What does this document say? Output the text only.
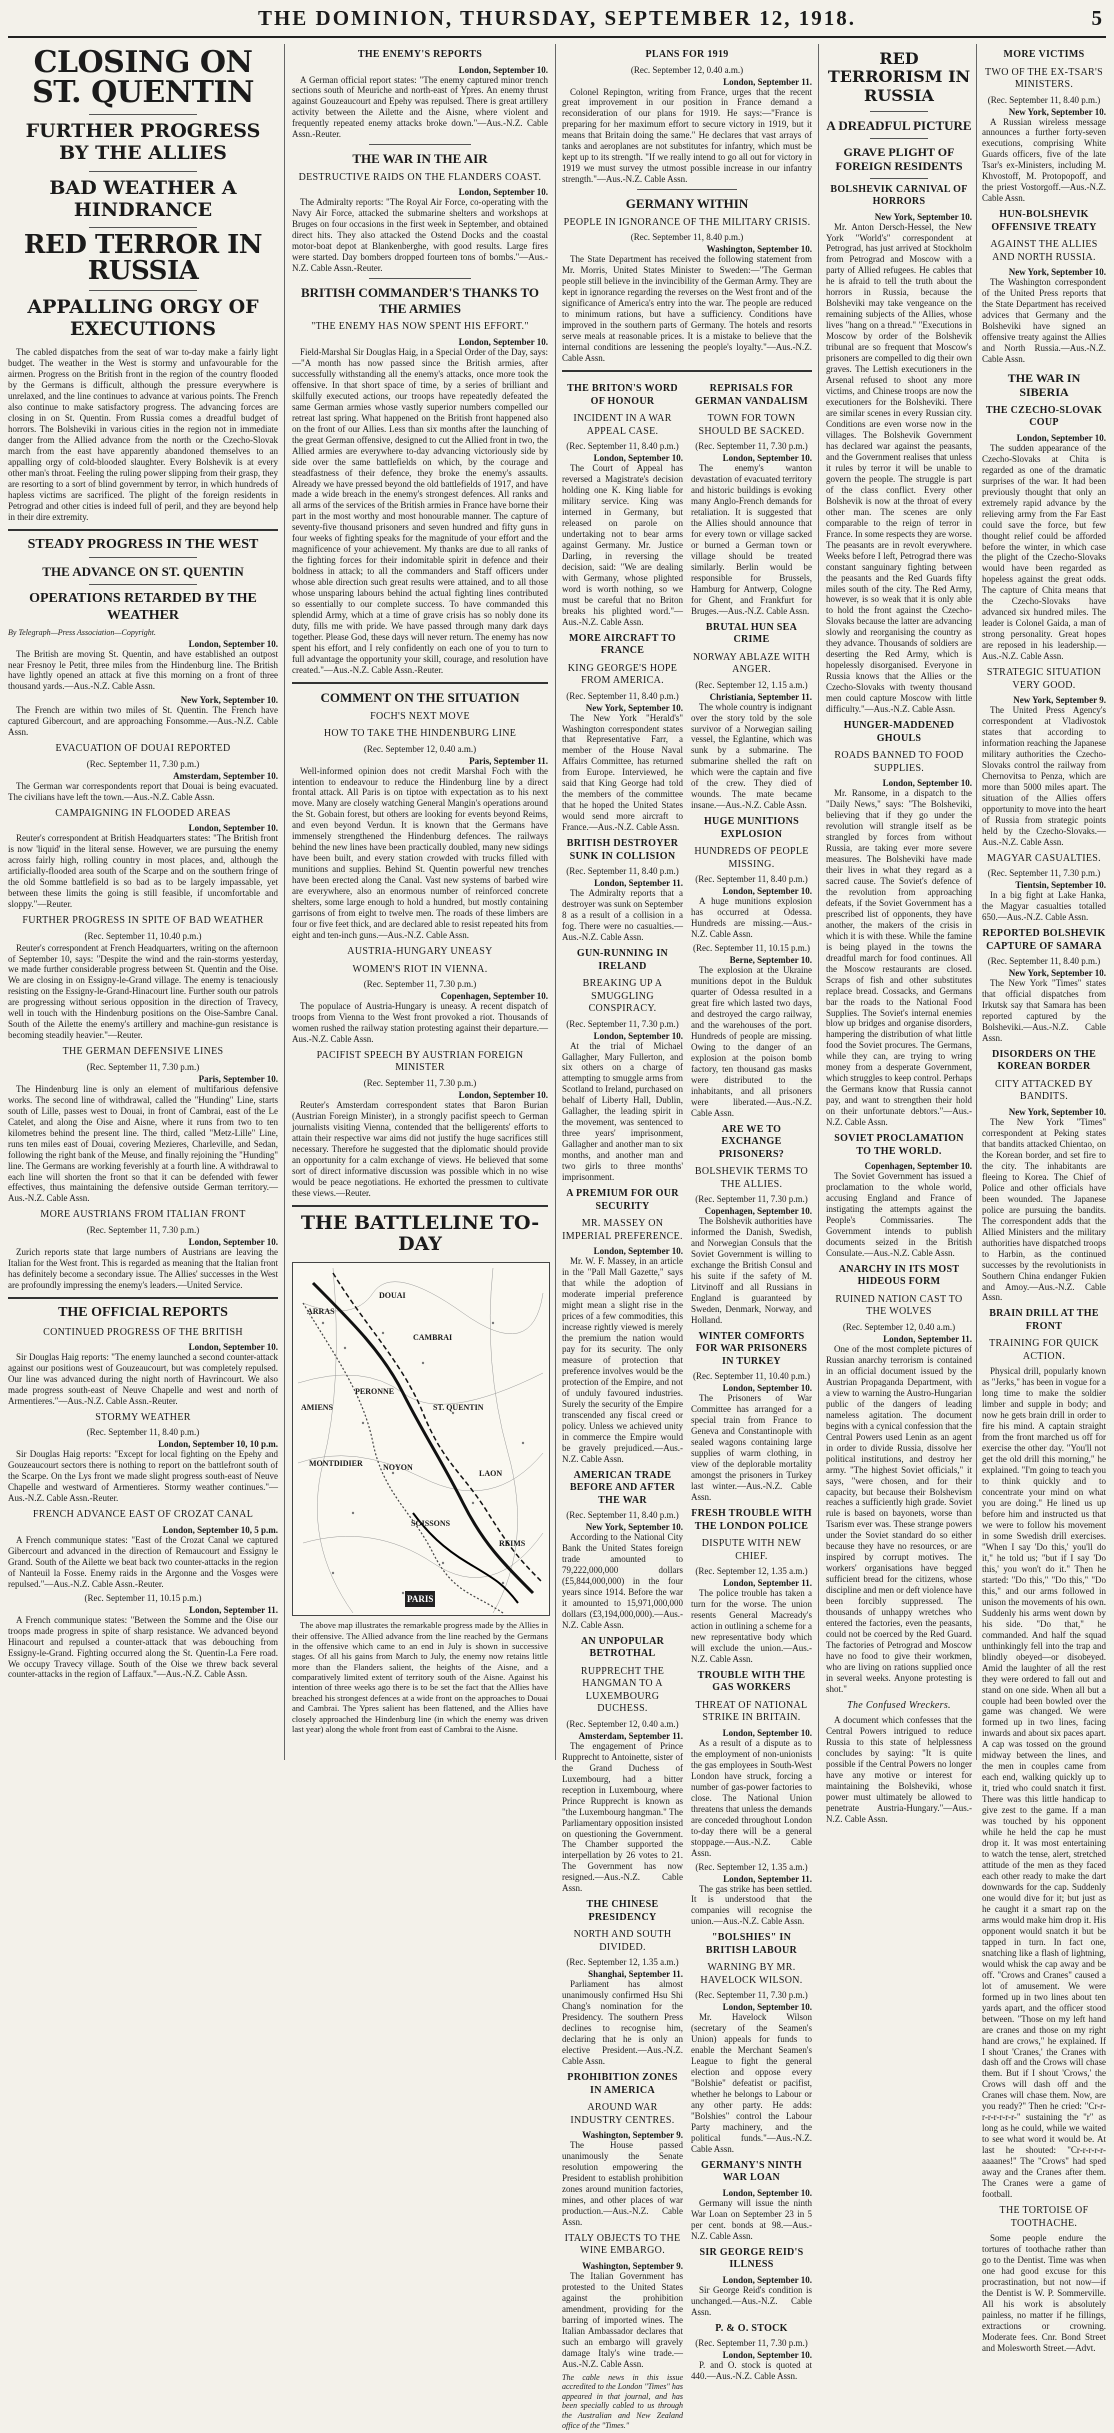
THE DOMINION, THURSDAY, SEPTEMBER 12, 1918.	5
CLOSING ON ST. QUENTIN
FURTHER PROGRESS BY THE ALLIES
BAD WEATHER A HINDRANCE
RED TERROR IN RUSSIA
APPALLING ORGY OF EXECUTIONS

The cabled dispatches from the seat of war to-day make a fairly light budget. The weather in the West is stormy and unfavourable for the airmen. Progress on the British front in the region of the country flooded by the Germans is difficult, although the pressure everywhere is unrelaxed, and the line continues to advance at various points. The French also continue to make satisfactory progress. The advancing forces are closing in on St. Quentin. From Russia comes a dreadful budget of horrors. The Bolsheviki in various cities in the region not in immediate danger from the Allied advance from the north or the Czecho-Slovak march from the east have apparently abandoned themselves to an appalling orgy of cold-blooded slaughter. Every Bolshevik is at every other man's throat. Feeling the ruling power slipping from their grasp, they are resorting to a sort of blind government by terror, in which hundreds of hapless victims are sacrificed. The plight of the foreign residents in Petrograd and other cities is indeed full of peril, and they are beyond help in their dire extremity.

STEADY PROGRESS IN THE WEST
THE ADVANCE ON ST. QUENTIN
OPERATIONS RETARDED BY THE WEATHER
By Telegraph—Press Association—Copyright.
London, September 10.

The British are moving St. Quentin, and have established an outpost near Fresnoy le Petit, three miles from the Hindenburg line. The British have lightly opened an attack at five this morning on a front of three thousand yards.—Aus.-N.Z. Cable Assn.

New York, September 10.

The French are within two miles of St. Quentin. The French have captured Gibercourt, and are approaching Fonsomme.—Aus.-N.Z. Cable Assn.

EVACUATION OF DOUAI REPORTED
(Rec. September 11, 7.30 p.m.)
Amsterdam, September 10.

The German war correspondents report that Douai is being evacuated. The civilians have left the town.—Aus.-N.Z. Cable Assn.

CAMPAIGNING IN FLOODED AREAS
London, September 10.

Reuter's correspondent at British Headquarters states: "The British front is now 'liquid' in the literal sense. However, we are pursuing the enemy across fairly high, rolling country in most places, and, although the artificially-flooded area south of the Scarpe and on the southern fringe of the old Somme battlefield is so bad as to be largely impassable, yet between these limits the going is still feasible, if uncomfortable and sloppy."—Reuter.

FURTHER PROGRESS IN SPITE OF BAD WEATHER
(Rec. September 11, 10.40 p.m.)

Reuter's correspondent at French Headquarters, writing on the afternoon of September 10, says: "Despite the wind and the rain-storms yesterday, we made further considerable progress between St. Quentin and the Oise. We are closing in on Essigny-le-Grand village. The enemy is tenaciously resisting on the Essigny-le-Grand-Hinacourt line. Further south our patrols are progressing without serious opposition in the direction of Travecy, well in touch with the Hindenburg positions on the Oise-Sambre Canal. South of the Ailette the enemy's artillery and machine-gun resistance is becoming steadily heavier."—Reuter.

THE GERMAN DEFENSIVE LINES
(Rec. September 11, 7.30 p.m.)
Paris, September 10.

The Hindenburg line is only an element of multifarious defensive works. The second line of withdrawal, called the "Hunding" Line, starts south of Lille, passes west to Douai, in front of Cambrai, east of the Le Catelet, and along the Oise and Aisne, where it runs from two to ten kilometres behind the present line. The third, called "Metz-Lille" Line, runs ten miles east of Douai, covering Mezieres, Charleville, and Sedan, following the right bank of the Meuse, and finally rejoining the "Hunding" line. The Germans are working feverishly at a fourth line. A withdrawal to each line will shorten the front so that it can be defended with fewer effectives, thus maintaining the defensive outside German territory.—Aus.-N.Z. Cable Assn.

MORE AUSTRIANS FROM ITALIAN FRONT
(Rec. September 11, 7.30 p.m.)
London, September 10.

Zurich reports state that large numbers of Austrians are leaving the Italian for the West front. This is regarded as meaning that the Italian front has definitely become a secondary issue. The Allies' successes in the West are profoundly impressing the enemy's leaders.—United Service.

THE OFFICIAL REPORTS
CONTINUED PROGRESS OF THE BRITISH
London, September 10.

Sir Douglas Haig reports: "The enemy launched a second counter-attack against our positions west of Gouzeaucourt, but was completely repulsed. Our line was advanced during the night north of Havrincourt. We also made progress south-east of Neuve Chapelle and west and north of Armentieres."—Aus.-N.Z. Cable Assn.-Reuter.

STORMY WEATHER
(Rec. September 11, 8.40 p.m.)
London, September 10, 10 p.m.

Sir Douglas Haig reports: "Except for local fighting on the Epehy and Gouzeaucourt sectors there is nothing to report on the battlefront south of the Scarpe. On the Lys front we made slight progress south-east of Neuve Chapelle and westward of Armentieres. Stormy weather continues."—Aus.-N.Z. Cable Assn.-Reuter.

FRENCH ADVANCE EAST OF CROZAT CANAL
London, September 10, 5 p.m.

A French communique states: "East of the Crozat Canal we captured Gibercourt and advanced in the direction of Remaucourt and Essigny le Grand. South of the Ailette we beat back two counter-attacks in the region of Nanteuil la Fosse. Enemy raids in the Argonne and the Vosges were repulsed."—Aus.-N.Z. Cable Assn.-Reuter.

(Rec. September 11, 10.15 p.m.)
London, September 11.

A French communique states: "Between the Somme and the Oise our troops made progress in spite of sharp resistance. We advanced beyond Hinacourt and repulsed a counter-attack that was debouching from Essigny-le-Grand. Fighting occurred along the St. Quentin-La Fere road. We occupy Travecy village. South of the Oise we threw back several counter-attacks in the region of Laffaux."—Aus.-N.Z. Cable Assn.

THE ENEMY'S REPORTS
London, September 10.

A German official report states: "The enemy captured minor trench sections south of Meuriche and north-east of Ypres. An enemy thrust against Gouzeaucourt and Epehy was repulsed. There is great artillery activity between the Ailette and the Aisne, where violent and frequently repeated enemy attacks broke down."—Aus.-N.Z. Cable Assn.-Reuter.

THE WAR IN THE AIR
DESTRUCTIVE RAIDS ON THE FLANDERS COAST.
London, September 10.

The Admiralty reports: "The Royal Air Force, co-operating with the Navy Air Force, attacked the submarine shelters and workshops at Bruges on four occasions in the first week in September, and obtained direct hits. They also attacked the Ostend Docks and the coastal motor-boat depot at Blankenberghe, with good results. Large fires were started. Day bombers dropped fourteen tons of bombs."—Aus.-N.Z. Cable Assn.-Reuter.

BRITISH COMMANDER'S THANKS TO THE ARMIES
"THE ENEMY HAS NOW SPENT HIS EFFORT."
London, September 10.

Field-Marshal Sir Douglas Haig, in a Special Order of the Day, says:—"A month has now passed since the British armies, after successfully withstanding all the enemy's attacks, once more took the offensive. In that short space of time, by a series of brilliant and skilfully executed actions, our troops have repeatedly defeated the same German armies whose vastly superior numbers compelled our retreat last spring. What happened on the British front happened also on the front of our Allies. Less than six months after the launching of the great German offensive, designed to cut the Allied front in two, the Allied armies are everywhere to-day advancing victoriously side by side over the same battlefields on which, by the courage and steadfastness of their defence, they broke the enemy's assaults. Already we have pressed beyond the old battlefields of 1917, and have made a wide breach in the enemy's strongest defences. All ranks and all arms of the services of the British armies in France have borne their part in the most worthy and most honourable manner. The capture of seventy-five thousand prisoners and seven hundred and fifty guns in four weeks of fighting speaks for the magnitude of your effort and the magnificence of your achievement. My thanks are due to all ranks of the fighting forces for their indomitable spirit in defence and their boldness in attack; to all the commanders and Staff officers under whose able direction such great results were attained, and to all those whose unsparing labours behind the actual fighting lines contributed so essentially to our complete success. To have commanded this splendid Army, which at a time of grave crisis has so nobly done its duty, fills me with pride. We have passed through many dark days together. Please God, these days will never return. The enemy has now spent his effort, and I rely confidently on each one of you to turn to full advantage the opportunity your skill, courage, and resolution have created."—Aus.-N.Z. Cable Assn.-Reuter.

COMMENT ON THE SITUATION
FOCH'S NEXT MOVE
HOW TO TAKE THE HINDENBURG LINE
(Rec. September 12, 0.40 a.m.)
Paris, September 11.

Well-informed opinion does not credit Marshal Foch with the intention to endeavour to reduce the Hindenburg line by a direct frontal attack. All Paris is on tiptoe with expectation as to his next move. Many are closely watching General Mangin's operations around the St. Gobain forest, but others are looking for events beyond Reims, and even beyond Verdun. It is known that the Germans have immensely strengthened the Hindenburg defences. The railways behind the new lines have been practically doubled, many new sidings have been built, and every station crowded with trucks filled with munitions and supplies. Behind St. Quentin powerful new trenches have been erected along the Canal. Vast new systems of barbed wire are everywhere, also an enormous number of reinforced concrete shelters, some large enough to hold a hundred, but mostly containing garrisons of from eight to twelve men. The roads of these limbers are four or five feet thick, and are declared able to resist repeated hits from eight and ten-inch guns.—Aus.-N.Z. Cable Assn.

AUSTRIA-HUNGARY UNEASY
WOMEN'S RIOT IN VIENNA.
(Rec. September 11, 7.30 p.m.)
Copenhagen, September 10.

The populace of Austria-Hungary is uneasy. A recent dispatch of troops from Vienna to the West front provoked a riot. Thousands of women rushed the railway station protesting against their departure.—Aus.-N.Z. Cable Assn.

PACIFIST SPEECH BY AUSTRIAN FOREIGN MINISTER
(Rec. September 11, 7.30 p.m.)
London, September 10.

Reuter's Amsterdam correspondent states that Baron Burian (Austrian Foreign Minister), in a strongly pacifist speech to German journalists visiting Vienna, contended that the belligerents' efforts to attain their respective war aims did not justify the huge sacrifices still necessary. Therefore he suggested that the diplomatic should provide an opportunity for a calm exchange of views. He believed that some sort of direct informative discussion was possible which in no wise would be peace negotiations. He exhorted the pressmen to cultivate these views.—Reuter.

THE BATTLELINE TO-DAY
ARRAS
CAMBRAI
DOUAI
ST. QUENTIN
PERONNE
NOYON
SOISSONS
LAON
REIMS
MONTDIDIER
AMIENS
PARIS

The above map illustrates the remarkable progress made by the Allies in their offensive. The Allied advance from the line reached by the Germans in the offensive which came to an end in July is shown in successive stages. Of all his gains from March to July, the enemy now retains little more than the Flanders salient, the heights of the Aisne, and a comparatively limited extent of territory south of the Aisne. Against his intention of three weeks ago there is to be set the fact that the Allies have breached his strongest defences at a wide front on the approaches to Douai and Cambrai. The Ypres salient has been flattened, and the Allies have closely approached the Hindenburg line (in which the enemy was driven last year) along the whole front from east of Cambrai to the Aisne.

PLANS FOR 1919
(Rec. September 12, 0.40 a.m.)
London, September 11.

Colonel Repington, writing from France, urges that the recent great improvement in our position in France demand a reconsideration of our plans for 1919. He says:—"France is preparing for her maximum effort to secure victory in 1919, but it means that Britain doing the same." He declares that vast arrays of tanks and aeroplanes are not substitutes for infantry, which must be kept up to its strength. "If we really intend to go all out for victory in 1919 we must survey the utmost possible increase in our infantry strength."—Aus.-N.Z. Cable Assn.

GERMANY WITHIN
PEOPLE IN IGNORANCE OF THE MILITARY CRISIS.
(Rec. September 11, 8.40 p.m.)
Washington, September 10.

The State Department has received the following statement from Mr. Morris, United States Minister to Sweden:—"The German people still believe in the invincibility of the German Army. They are kept in ignorance regarding the reverses on the West front and of the significance of America's entry into the war. The people are reduced to minimum rations, but have a sufficiency. Conditions have improved in the southern parts of Germany. The hotels and resorts serve meals at reasonable prices. It is a mistake to believe that the internal conditions are lessening the people's loyalty."—Aus.-N.Z. Cable Assn.

THE BRITON'S WORD OF HONOUR
INCIDENT IN A WAR APPEAL CASE.
(Rec. September 11, 8.40 p.m.)
London, September 10.

The Court of Appeal has reversed a Magistrate's decision holding one K. King liable for military service. King was interned in Germany, but released on parole on undertaking not to bear arms against Germany. Mr. Justice Darling, in reversing the decision, said: "We are dealing with Germany, whose plighted word is worth nothing, so we must be careful that no Briton breaks his plighted word."—Aus.-N.Z. Cable Assn.

MORE AIRCRAFT TO FRANCE
KING GEORGE'S HOPE FROM AMERICA.
(Rec. September 11, 8.40 p.m.)
New York, September 10.

The New York "Herald's" Washington correspondent states that Representative Farr, a member of the House Naval Affairs Committee, has returned from Europe. Interviewed, he said that King George had told the members of the committee that he hoped the United States would send more aircraft to France.—Aus.-N.Z. Cable Assn.

BRITISH DESTROYER SUNK IN COLLISION
(Rec. September 11, 8.40 p.m.)
London, September 11.

The Admiralty reports that a destroyer was sunk on September 8 as a result of a collision in a fog. There were no casualties.—Aus.-N.Z. Cable Assn.

GUN-RUNNING IN IRELAND
BREAKING UP A SMUGGLING CONSPIRACY.
(Rec. September 11, 7.30 p.m.)
London, September 10.

At the trial of Michael Gallagher, Mary Fullerton, and six others on a charge of attempting to smuggle arms from Scotland to Ireland, purchased on behalf of Liberty Hall, Dublin, Gallagher, the leading spirit in the movement, was sentenced to three years' imprisonment, Gallagher and another man to six months, and another man and two girls to three months' imprisonment.

A PREMIUM FOR OUR SECURITY
MR. MASSEY ON IMPERIAL PREFERENCE.
London, September 10.

Mr. W. F. Massey, in an article in the "Pall Mall Gazette," says that while the adoption of moderate imperial preference might mean a slight rise in the prices of a few commodities, this increase rightly viewed is merely the premium the nation would pay for its security. The only measure of protection that preference involves would be the protection of the Empire, and not of unduly favoured industries. Surely the security of the Empire transcended any fiscal creed or policy. Unless we achieved unity in commerce the Empire would be gravely prejudiced.—Aus.-N.Z. Cable Assn.

AMERICAN TRADE BEFORE AND AFTER THE WAR
(Rec. September 11, 8.40 p.m.)
New York, September 10.

According to the National City Bank the United States foreign trade amounted to 79,222,000,000 dollars (£5,844,000,000) in the four years since 1914. Before the war it amounted to 15,971,000,000 dollars (£3,194,000,000).—Aus.-N.Z. Cable Assn.

AN UNPOPULAR BETROTHAL
RUPPRECHT THE HANGMAN TO A LUXEMBOURG DUCHESS.
(Rec. September 12, 0.40 a.m.)
Amsterdam, September 11.

The engagement of Prince Rupprecht to Antoinette, sister of the Grand Duchess of Luxembourg, had a bitter reception in Luxembourg, where Prince Rupprecht is known as "the Luxembourg hangman." The Parliamentary opposition insisted on questioning the Government. The Chamber supported the interpellation by 26 votes to 21. The Government has now resigned.—Aus.-N.Z. Cable Assn.

THE CHINESE PRESIDENCY
NORTH AND SOUTH DIVIDED.
(Rec. September 12, 1.35 a.m.)
Shanghai, September 11.

Parliament has almost unanimously confirmed Hsu Shi Chang's nomination for the Presidency. The southern Press declines to recognise him, declaring that he is only an elective President.—Aus.-N.Z. Cable Assn.

PROHIBITION ZONES IN AMERICA
AROUND WAR INDUSTRY CENTRES.
Washington, September 9.

The House passed unanimously the Senate resolution empowering the President to establish prohibition zones around munition factories, mines, and other places of war production.—Aus.-N.Z. Cable Assn.

ITALY OBJECTS TO THE WINE EMBARGO.
Washington, September 9.

The Italian Government has protested to the United States against the prohibition amendment, providing for the barring of imported wines. The Italian Ambassador declares that such an embargo will gravely damage Italy's wine trade.—Aus.-N.Z. Cable Assn.

The cable news in this issue accredited to the London "Times" has appeared in that journal, and has been specially cabled to us through the Australian and New Zealand office of the "Times."

REPRISALS FOR GERMAN VANDALISM
TOWN FOR TOWN SHOULD BE SACKED.
(Rec. September 11, 7.30 p.m.)
London, September 10.

The enemy's wanton devastation of evacuated territory and historic buildings is evoking many Anglo-French demands for retaliation. It is suggested that the Allies should announce that for every town or village sacked or burned a German town or village should be treated similarly. Berlin would be responsible for Brussels, Hamburg for Antwerp, Cologne for Ghent, and Frankfurt for Bruges.—Aus.-N.Z. Cable Assn.

BRUTAL HUN SEA CRIME
NORWAY ABLAZE WITH ANGER.
(Rec. September 12, 1.15 a.m.)
Christiania, September 11.

The whole country is indignant over the story told by the sole survivor of a Norwegian sailing vessel, the Eglantine, which was sunk by a submarine. The submarine shelled the raft on which were the captain and five of the crew. They died of wounds. The mate became insane.—Aus.-N.Z. Cable Assn.

HUGE MUNITIONS EXPLOSION
HUNDREDS OF PEOPLE MISSING.
(Rec. September 11, 8.40 p.m.)
London, September 10.

A huge munitions explosion has occurred at Odessa. Hundreds are missing.—Aus.-N.Z. Cable Assn.

(Rec. September 11, 10.15 p.m.)
Berne, September 10.

The explosion at the Ukraine munitions depot in the Bulduk quarter of Odessa resulted in a great fire which lasted two days, and destroyed the cargo railway, and the warehouses of the port. Hundreds of people are missing. Owing to the danger of an explosion at the poison bomb factory, ten thousand gas masks were distributed to the inhabitants, and all prisoners were liberated.—Aus.-N.Z. Cable Assn.

ARE WE TO EXCHANGE PRISONERS?
BOLSHEVIK TERMS TO THE ALLIES.
(Rec. September 11, 7.30 p.m.)
Copenhagen, September 10.

The Bolshevik authorities have informed the Danish, Swedish, and Norwegian Consuls that the Soviet Government is willing to exchange the British Consul and his suite if the safety of M. Litvinoff and all Russians in England is guaranteed by Sweden, Denmark, Norway, and Holland.

WINTER COMFORTS FOR WAR PRISONERS IN TURKEY
(Rec. September 11, 10.40 p.m.)
London, September 10.

The Prisoners of War Committee has arranged for a special train from France to Geneva and Constantinople with sealed wagons containing large supplies of warm clothing, in view of the deplorable mortality amongst the prisoners in Turkey last winter.—Aus.-N.Z. Cable Assn.

FRESH TROUBLE WITH THE LONDON POLICE
DISPUTE WITH NEW CHIEF.
(Rec. September 12, 1.35 a.m.)
London, September 11.

The police trouble has taken a turn for the worse. The union resents General Macready's action in outlining a scheme for a new representative body which will exclude the union.—Aus.-N.Z. Cable Assn.

TROUBLE WITH THE GAS WORKERS
THREAT OF NATIONAL STRIKE IN BRITAIN.
London, September 10.

As a result of a dispute as to the employment of non-unionists the gas employees in South-West London have struck, forcing a number of gas-power factories to close. The National Union threatens that unless the demands are conceded throughout London to-day there will be a general stoppage.—Aus.-N.Z. Cable Assn.

(Rec. September 12, 1.35 a.m.)
London, September 11.

The gas strike has been settled. It is understood that the companies will recognise the union.—Aus.-N.Z. Cable Assn.

"BOLSHIES" IN BRITISH LABOUR
WARNING BY MR. HAVELOCK WILSON.
(Rec. September 11, 7.30 p.m.)
London, September 10.

Mr. Havelock Wilson (secretary of the Seamen's Union) appeals for funds to enable the Merchant Seamen's League to fight the general election and oppose every "Bolshie" defeatist or pacifist, whether he belongs to Labour or any other party. He adds: "Bolshies" control the Labour Party machinery, and the political funds."—Aus.-N.Z. Cable Assn.

GERMANY'S NINTH WAR LOAN
London, September 10.

Germany will issue the ninth War Loan on September 23 in 5 per cent. bonds at 98.—Aus.-N.Z. Cable Assn.

SIR GEORGE REID'S ILLNESS
London, September 10.

Sir George Reid's condition is unchanged.—Aus.-N.Z. Cable Assn.

P. & O. STOCK
(Rec. September 11, 7.30 p.m.)
London, September 10.

P. and O. stock is quoted at 440.—Aus.-N.Z. Cable Assn.

RED TERRORISM IN RUSSIA
A DREADFUL PICTURE
GRAVE PLIGHT OF FOREIGN RESIDENTS
BOLSHEVIK CARNIVAL OF HORRORS
New York, September 10.

Mr. Anton Dersch-Hessel, the New York "World's" correspondent at Petrograd, has just arrived at Stockholm from Petrograd and Moscow with a party of Allied refugees. He cables that he is afraid to tell the truth about the horrors in Russia, because the Bolsheviki may take vengeance on the remaining subjects of the Allies, whose lives "hang on a thread." "Executions in Moscow by order of the Bolshevik tribunal are so frequent that Moscow's prisoners are compelled to dig their own graves. The Lettish executioners in the Arsenal refused to shoot any more victims, and Chinese troops are now the executioners for the Bolsheviki. There are similar scenes in every Russian city. Conditions are even worse now in the villages. The Bolshevik Government has declared war against the peasants, and the Government realises that unless it rules by terror it will be unable to govern the people. The struggle is part of the class conflict. Every other Bolshevik is now at the throat of every other man. The scenes are only comparable to the reign of terror in France. In some respects they are worse. The peasants are in revolt everywhere. Weeks before I left, Petrograd there was constant sanguinary fighting between the peasants and the Red Guards fifty miles south of the city. The Red Army, however, is so weak that it is only able to hold the front against the Czecho-Slovaks because the latter are advancing slowly and reorganising the country as they advance. Thousands of soldiers are deserting the Red Army, which is hopelessly disorganised. Everyone in Russia knows that the Allies or the Czecho-Slovaks with twenty thousand men could capture Moscow with little difficulty."—Aus.-N.Z. Cable Assn.

HUNGER-MADDENED GHOULS
ROADS BANNED TO FOOD SUPPLIES.
London, September 10.

Mr. Ransome, in a dispatch to the "Daily News," says: "The Bolsheviki, believing that if they go under the revolution will strangle itself as be strangled by forces from without Russia, are taking ever more severe measures. The Bolsheviki have made their lives in what they regard as a sacred cause. The Soviet's defence of the revolution from approaching defeats, if the Soviet Government has a prescribed list of opponents, they have another, the makers of the crisis in which it is with these. While the famine is being played in the towns the dreadful march for food continues. All the Moscow restaurants are closed. Scraps of fish and other substitutes replace bread. Cossacks, and Germans bar the roads to the National Food Supplies. The Soviet's internal enemies blow up bridges and organise disorders, hampering the distribution of what little food the Soviet procures. The Germans, while they can, are trying to wring money from a desperate Government, which struggles to keep control. Perhaps the Germans know that Russia cannot pay, and want to strengthen their hold on their unfortunate debtors."—Aus.-N.Z. Cable Assn.

SOVIET PROCLAMATION TO THE WORLD.
Copenhagen, September 10.

The Soviet Government has issued a proclamation to the whole world, accusing England and France of instigating the attempts against the People's Commissaries. The Government intends to publish documents seized in the British Consulate.—Aus.-N.Z. Cable Assn.

ANARCHY IN ITS MOST HIDEOUS FORM
RUINED NATION CAST TO THE WOLVES
(Rec. September 12, 0.40 a.m.)
London, September 11.

One of the most complete pictures of Russian anarchy terrorism is contained in an official document issued by the Austrian Propaganda Department, with a view to warning the Austro-Hungarian public of the dangers of leading nameless agitation. The document begins with a cynical confession that the Central Powers used Lenin as an agent in order to divide Russia, dissolve her political institutions, and destroy her army. "The highest Soviet officials," it says, "were chosen, and for their capacity, but because their Bolshevism reaches a sufficiently high grade. Soviet rule is based on bayonets, worse than Tsarism ever was. These strange powers under the Soviet standard do so either because they have no resources, or are inspired by corrupt motives. The workers' organisations have begged sufficient bread for the citizens, whose discipline and men or deft violence have been forcibly suppressed. The thousands of unhappy wretches who entered the factories, even the peasants, could not be coerced by the Red Guard. The factories of Petrograd and Moscow have no food to give their workmen, who are living on rations supplied once in several weeks. Anyone protesting is shot."

The Confused Wreckers.

A document which confesses that the Central Powers intrigued to reduce Russia to this state of helplessness concludes by saying: "It is quite possible if the Central Powers no longer have any motive or interest for maintaining the Bolsheviki, whose power must ultimately be allowed to penetrate Austria-Hungary."—Aus.-N.Z. Cable Assn.

MORE VICTIMS
TWO OF THE EX-TSAR'S MINISTERS.
(Rec. September 11, 8.40 p.m.)
New York, September 10.

A Russian wireless message announces a further forty-seven executions, comprising White Guards officers, five of the late Tsar's ex-Ministers, including M. Khvostoff, M. Protopopoff, and the priest Vostorgoff.—Aus.-N.Z. Cable Assn.

HUN-BOLSHEVIK OFFENSIVE TREATY
AGAINST THE ALLIES AND NORTH RUSSIA.
New York, September 10.

The Washington correspondent of the United Press reports that the State Department has received advices that Germany and the Bolsheviki have signed an offensive treaty against the Allies and North Russia.—Aus.-N.Z. Cable Assn.

THE WAR IN SIBERIA
THE CZECHO-SLOVAK COUP
London, September 10.

The sudden appearance of the Czecho-Slovaks at Chita is regarded as one of the dramatic surprises of the war. It had been previously thought that only an extremely rapid advance by the relieving army from the Far East could save the force, but few thought relief could be afforded before the winter, in which case the plight of the Czecho-Slovaks would have been regarded as hopeless against the great odds. The capture of Chita means that the Czecho-Slovaks have advanced six hundred miles. The leader is Colonel Gaida, a man of strong personality. Great hopes are reposed in his leadership.—Aus.-N.Z. Cable Assn.

STRATEGIC SITUATION VERY GOOD.
New York, September 9.

The United Press Agency's correspondent at Vladivostok states that according to information reaching the Japanese military authorities the Czecho-Slovaks control the railway from Chernovitsa to Penza, which are more than 5000 miles apart. The situation of the Allies offers opportunity to move into the heart of Russia from strategic points held by the Czecho-Slovaks.—Aus.-N.Z. Cable Assn.

MAGYAR CASUALTIES.
(Rec. September 11, 7.30 p.m.)
Tientsin, September 10.

In a big fight at Lake Hanka, the Magyar casualties totalled 650.—Aus.-N.Z. Cable Assn.

REPORTED BOLSHEVIK CAPTURE OF SAMARA
(Rec. September 11, 8.40 p.m.)
New York, September 10.

The New York "Times" states that official dispatches from Irkutsk say that Samara has been reported captured by the Bolsheviki.—Aus.-N.Z. Cable Assn.

DISORDERS ON THE KOREAN BORDER
CITY ATTACKED BY BANDITS.
New York, September 10.

The New York "Times" correspondent at Peking states that bandits attacked Chientao, on the Korean border, and set fire to the city. The inhabitants are fleeing to Korea. The Chief of Police and other officials have been wounded. The Japanese police are pursuing the bandits. The correspondent adds that the Allied Ministers and the military authorities have dispatched troops to Harbin, as the continued successes by the revolutionists in Southern China endanger Fukien and Amoy.—Aus.-N.Z. Cable Assn.

BRAIN DRILL AT THE FRONT
TRAINING FOR QUICK ACTION.

Physical drill, popularly known as "Jerks," has been in vogue for a long time to make the soldier limber and supple in body; and now he gets brain drill in order to fire his mind. A captain straight from the front marched us off for exercise the other day. "You'll not get the old drill this morning," he explained. "I'm going to teach you to think quickly and to concentrate your mind on what you are doing." He lined us up before him and instructed us that we were to follow his movement in some Swedish drill exercises. "When I say 'Do this,' you'll do it," he told us; "but if I say 'Do this,' you won't do it." Then he started: "Do this," "Do this," "Do this," and our arms followed in unison the movements of his own. Suddenly his arms went down by his side. "Do that," he commanded. And half the squad unthinkingly fell into the trap and blindly obeyed—or disobeyed. Amid the laughter of all the rest they were ordered to fall out and stand on one side. When all but a couple had been bowled over the game was changed. We were formed up in two lines, facing inwards and about six paces apart. A cap was tossed on the ground midway between the lines, and the men in couples came from each end, walking quickly up to it, tried who could snatch it first. There was this little handicap to give zest to the game. If a man was touched by his opponent while he held the cap he must drop it. It was most entertaining to watch the tense, alert, stretched attitude of the men as they faced each other ready to make the dart downwards for the cap. Suddenly one would dive for it; but just as he caught it a smart rap on the arms would make him drop it. His opponent would snatch it but be tapped in turn. In fact one, snatching like a flash of lightning, would whisk the cap away and be off. "Crows and Cranes" caused a lot of amusement. We were formed up in two lines about ten yards apart, and the officer stood between. "Those on my left hand are cranes and those on my right hand are crows," he explained. If I shout 'Cranes,' the Cranes with dash off and the Crows will chase them. But if I shout 'Crows,' the Crows will dash off and the Cranes will chase them. Now, are you ready?" Then he cried: "Cr-r-r-r-r-r-r-r-" sustaining the "r" as long as he could, while we waited to see what word it would be. At last he shouted: "Cr-r-r-r-r-aaaanes!" The "Crows" had sped away and the Cranes after them. The Cranes were a game of football.

THE TORTOISE OF TOOTHACHE.

Some people endure the tortures of toothache rather than go to the Dentist. Time was when one had good excuse for this procrastination, but not now—if the Dentist is W. P. Sommerville. All his work is absolutely painless, no matter if he fillings, extractions or crowning. Moderate fees. Cnr. Bond Street and Molesworth Street.—Advt.
